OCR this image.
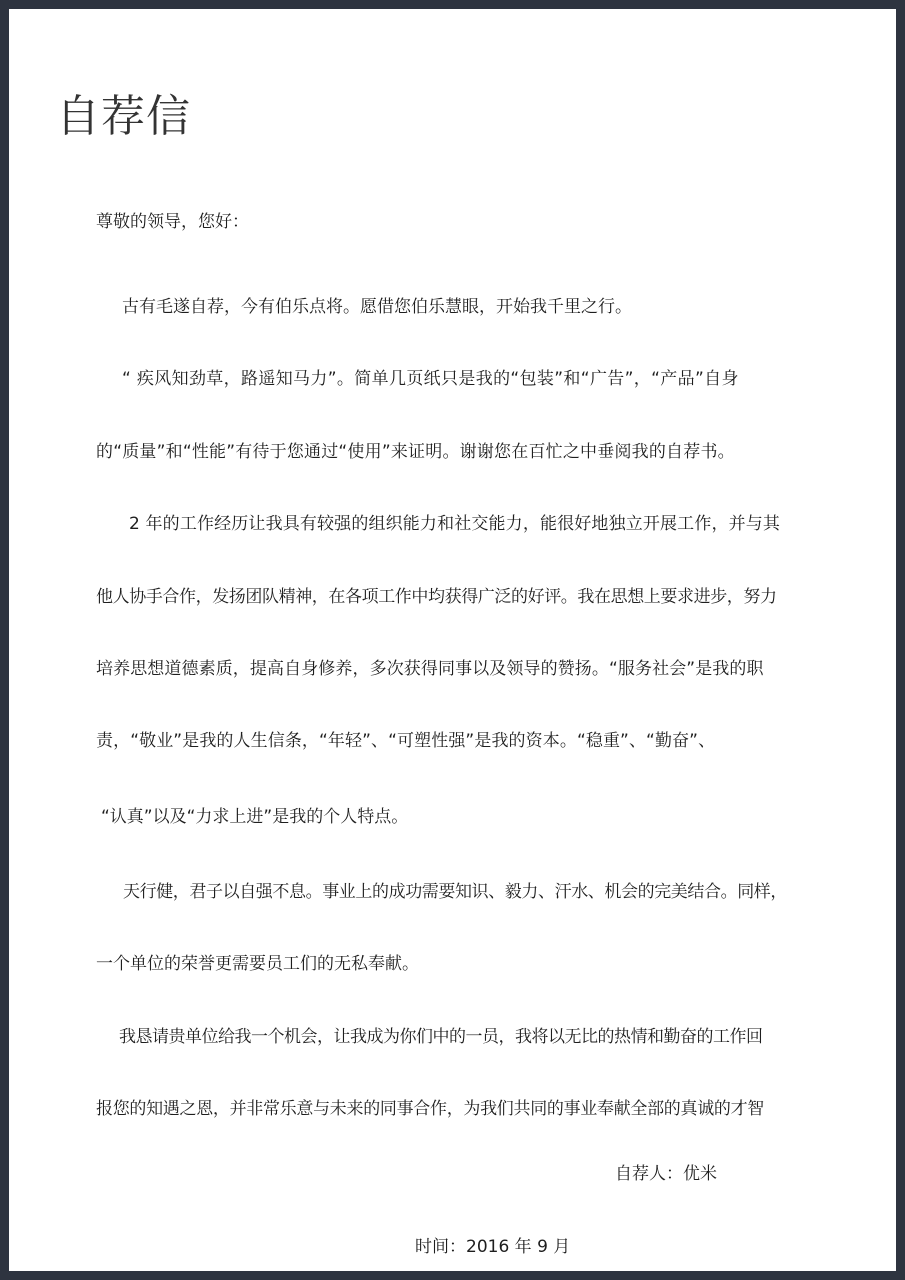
自荐信
尊敬的领导，您好：
古有毛遂自荐，今有伯乐点将。愿借您伯乐慧眼，开始我千里之行。
“ 疾风知劲草，路遥知马力”。简单几页纸只是我的“包装”和“广告”，“产品”自身
的“质量”和“性能”有待于您通过“使用”来证明。谢谢您在百忙之中垂阅我的自荐书。
2 年的工作经历让我具有较强的组织能力和社交能力，能很好地独立开展工作，并与其
他人协手合作，发扬团队精神，在各项工作中均获得广泛的好评。我在思想上要求进步，努力
培养思想道德素质，提高自身修养，多次获得同事以及领导的赞扬。“服务社会”是我的职
责，“敬业”是我的人生信条，“年轻”、“可塑性强”是我的资本。“稳重”、“勤奋”、
“认真”以及“力求上进”是我的个人特点。
天行健，君子以自强不息。事业上的成功需要知识、毅力、汗水、机会的完美结合。同样，
一个单位的荣誉更需要员工们的无私奉献。
我恳请贵单位给我一个机会，让我成为你们中的一员，我将以无比的热情和勤奋的工作回
报您的知遇之恩，并非常乐意与未来的同事合作，为我们共同的事业奉献全部的真诚的才智
自荐人：优米
时间：2016 年 9 月
